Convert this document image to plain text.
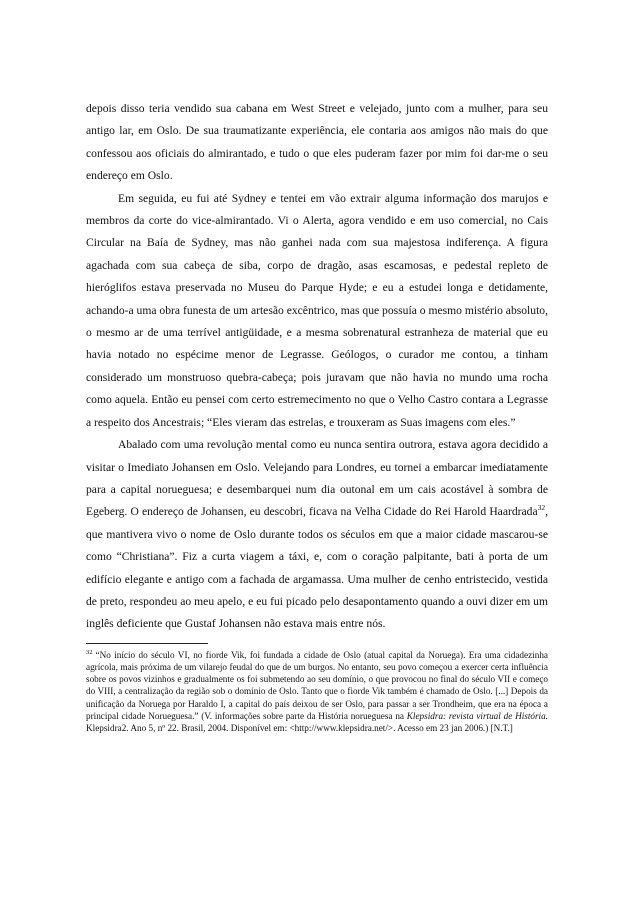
depois disso teria vendido sua cabana em West Street e velejado, junto com a mulher, para seu antigo lar, em Oslo. De sua traumatizante experiência, ele contaria aos amigos não mais do que confessou aos oficiais do almirantado, e tudo o que eles puderam fazer por mim foi dar-me o seu endereço em Oslo.

Em seguida, eu fui até Sydney e tentei em vão extrair alguma informação dos marujos e membros da corte do vice-almirantado. Vi o Alerta, agora vendido e em uso comercial, no Cais Circular na Baía de Sydney, mas não ganhei nada com sua majestosa indiferença. A figura agachada com sua cabeça de siba, corpo de dragão, asas escamosas, e pedestal repleto de hieróglifos estava preservada no Museu do Parque Hyde; e eu a estudei longa e detidamente, achando-a uma obra funesta de um artesão excêntrico, mas que possuía o mesmo mistério absoluto, o mesmo ar de uma terrível antigüidade, e a mesma sobrenatural estranheza de material que eu havia notado no espécime menor de Legrasse. Geólogos, o curador me contou, a tinham considerado um monstruoso quebra-cabeça; pois juravam que não havia no mundo uma rocha como aquela. Então eu pensei com certo estremecimento no que o Velho Castro contara a Legrasse a respeito dos Ancestrais; “Eles vieram das estrelas, e trouxeram as Suas imagens com eles.”

Abalado com uma revolução mental como eu nunca sentira outrora, estava agora decidido a visitar o Imediato Johansen em Oslo. Velejando para Londres, eu tornei a embarcar imediatamente para a capital norueguesa; e desembarquei num dia outonal em um cais acostável à sombra de Egeberg. O endereço de Johansen, eu descobri, ficava na Velha Cidade do Rei Harold Haardrada$^{32}$, que mantivera vivo o nome de Oslo durante todos os séculos em que a maior cidade mascarou-se como “Christiana”. Fiz a curta viagem a táxi, e, com o coração palpitante, bati à porta de um edifício elegante e antigo com a fachada de argamassa. Uma mulher de cenho entristecido, vestida de preto, respondeu ao meu apelo, e eu fui picado pelo desapontamento quando a ouvi dizer em um inglês deficiente que Gustaf Johansen não estava mais entre nós.

$^{32}$ “No início do século VI, no fiorde Vik, foi fundada a cidade de Oslo (atual capital da Noruega). Era uma cidadezinha agrícola, mais próxima de um vilarejo feudal do que de um burgos. No entanto, seu povo começou a exercer certa influência sobre os povos vizinhos e gradualmente os foi submetendo ao seu domínio, o que provocou no final do século VII e começo do VIII, a centralização da região sob o domínio de Oslo. Tanto que o fiorde Vik também é chamado de Oslo. [...] Depois da unificação da Noruega por Haraldo I, a capital do país deixou de ser Oslo, para passar a ser Trondheim, que era na época a principal cidade Norueguesa.” (V. informações sobre parte da História norueguesa na Klepsidra: revista virtual de História. Klepsidra2. Ano 5, nº 22. Brasil, 2004. Disponível em: <http://www.klepsidra.net/>. Acesso em 23 jan 2006.) [N.T.]
